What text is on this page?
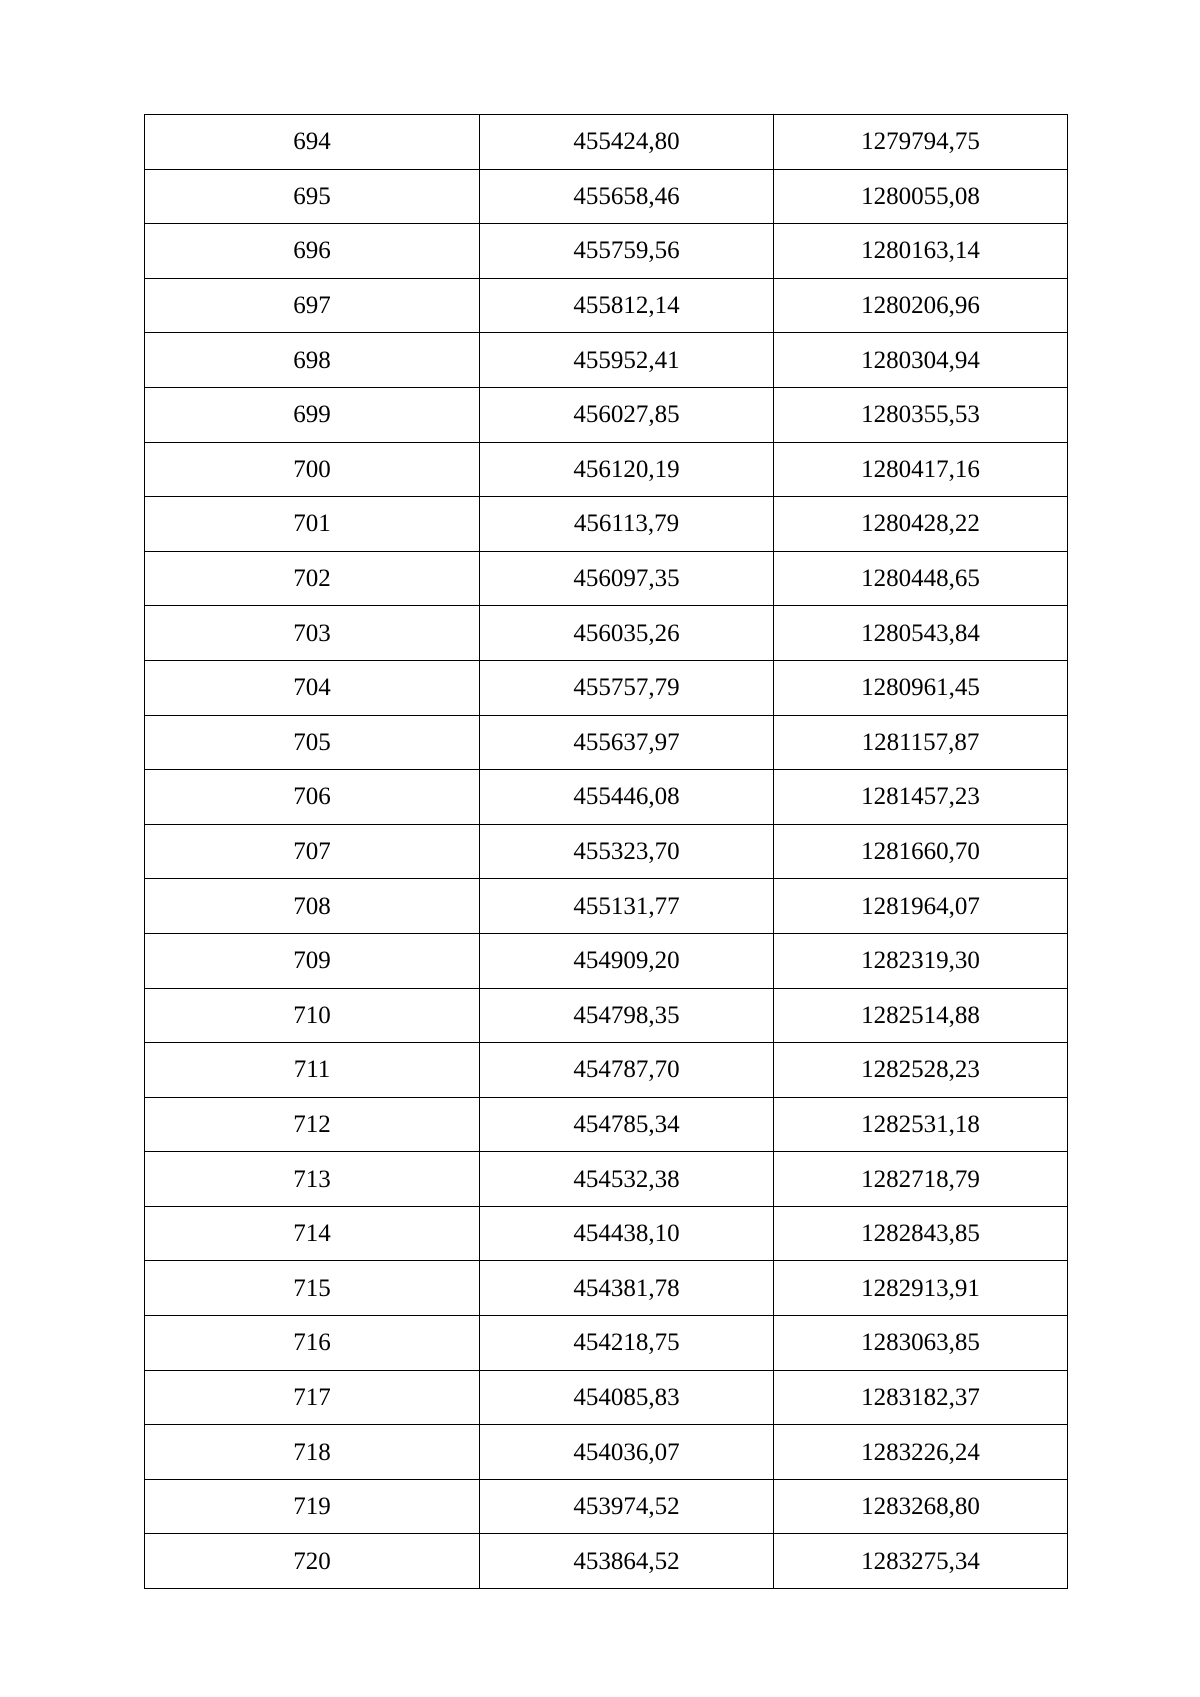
694	455424,80	1279794,75
695	455658,46	1280055,08
696	455759,56	1280163,14
697	455812,14	1280206,96
698	455952,41	1280304,94
699	456027,85	1280355,53
700	456120,19	1280417,16
701	456113,79	1280428,22
702	456097,35	1280448,65
703	456035,26	1280543,84
704	455757,79	1280961,45
705	455637,97	1281157,87
706	455446,08	1281457,23
707	455323,70	1281660,70
708	455131,77	1281964,07
709	454909,20	1282319,30
710	454798,35	1282514,88
711	454787,70	1282528,23
712	454785,34	1282531,18
713	454532,38	1282718,79
714	454438,10	1282843,85
715	454381,78	1282913,91
716	454218,75	1283063,85
717	454085,83	1283182,37
718	454036,07	1283226,24
719	453974,52	1283268,80
720	453864,52	1283275,34
